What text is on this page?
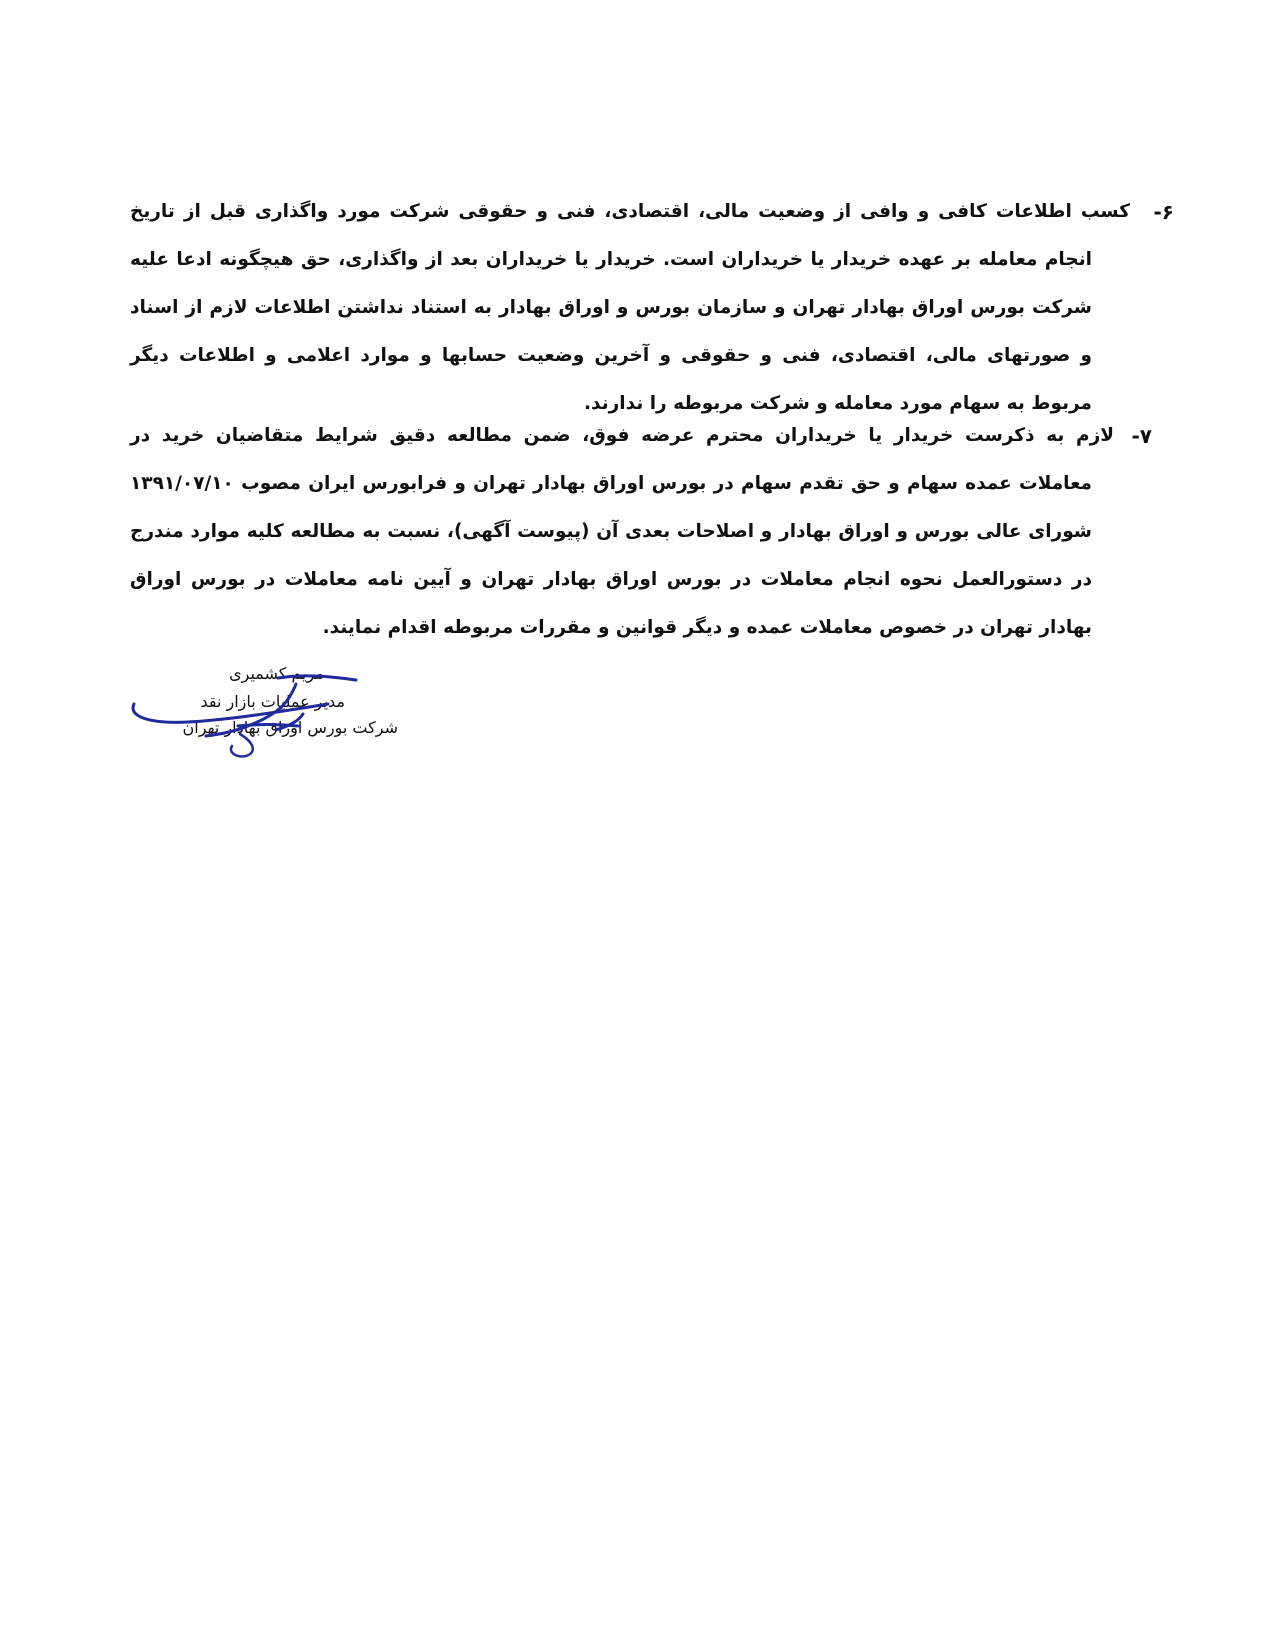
۶-
کسب اطلاعات کافی و وافی از وضعیت مالی، اقتصادی، فنی و حقوقی شرکت مورد واگذاری قبل از تاریخ انجام معامله بر عهده خریدار یا خریداران است. خریدار یا خریداران بعد از واگذاری، حق هیچگونه ادعا علیه شرکت بورس اوراق بهادار تهران و سازمان بورس و اوراق بهادار به استناد نداشتن اطلاعات لازم از اسناد و صورتهای مالی، اقتصادی، فنی و حقوقی و آخرین وضعیت حسابها و موارد اعلامی و اطلاعات دیگر مربوط به سهام مورد معامله و شرکت مربوطه را ندارند.
۷-
لازم به ذکرست خریدار یا خریداران محترم عرضه فوق، ضمن مطالعه دقیق شرایط متقاضیان خرید در معاملات عمده سهام و حق تقدم سهام در بورس اوراق بهادار تهران و فرابورس ایران مصوب ۱۳۹۱/۰۷/۱۰ شورای عالی بورس و اوراق بهادار و اصلاحات بعدی آن (پیوست آگهی)، نسبت به مطالعه کلیه موارد مندرج در دستورالعمل نحوه انجام معاملات در بورس اوراق بهادار تهران و آیین نامه معاملات در بورس اوراق بهادار تهران در خصوص معاملات عمده و دیگر قوانین و مقررات مربوطه اقدام نمایند.
مریم کشمیری
مدیر عملیات بازار نقد
شرکت بورس اوراق بهادار تهران
